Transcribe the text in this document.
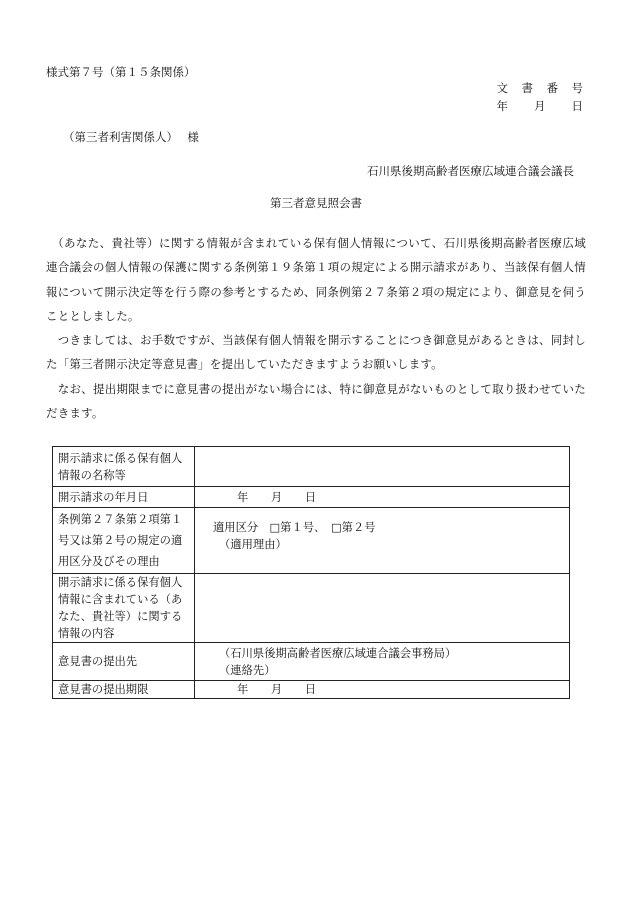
様式第７号（第１５条関係）
文　書　番　号
年　　月　　日
（第三者利害関係人）　 様
石川県後期高齢者医療広域連合議会議長
第三者意見照会書
　（あなた、貴社等）に関する情報が含まれている保有個人情報について、石川県後期高齢者医療広域連合議会の個人情報の保護に関する条例第１９条第１項の規定による開示請求があり、当該保有個人情報について開示決定等を行う際の参考とするため、同条例第２７条第２項の規定により、御意見を伺うこととしました。
　つきましては、お手数ですが、当該保有個人情報を開示することにつき御意見があるときは、同封した「第三者開示決定等意見書」を提出していただきますようお願いします。
　なお、提出期限までに意見書の提出がない場合には、特に御意見がないものとして取り扱わせていただきます。
開示請求に係る保有個人情報の名称等	
開示請求の年月日	年　　月　　日
条例第２７条第２項第１号又は第２号の規定の適用区分及びその理由	適用区分　□第１号、　□第２号
（適用理由）

開示請求に係る保有個人情報に含まれている（あなた、貴社等）に関する情報の内容	
意見書の提出先	（石川県後期高齢者医療広域連合議会事務局）
（連絡先）

意見書の提出期限	年　　月　　日
